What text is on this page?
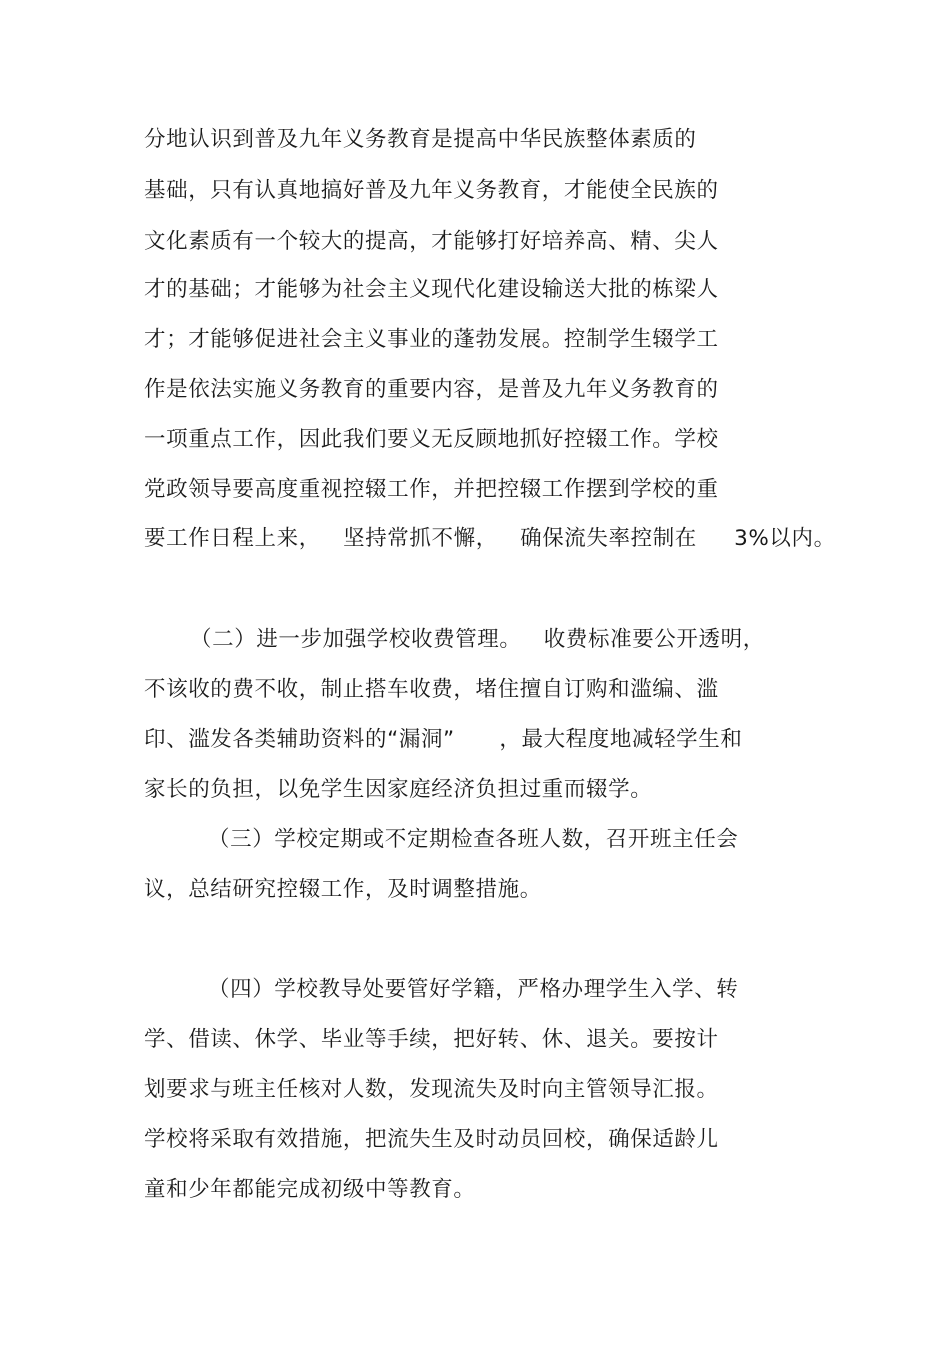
分地认识到普及九年义务教育是提高中华民族整体素质的
基础，只有认真地搞好普及九年义务教育，才能使全民族的
文化素质有一个较大的提高，才能够打好培养高、精、尖人
才的基础；才能够为社会主义现代化建设输送大批的栋梁人
才；才能够促进社会主义事业的蓬勃发展。控制学生辍学工
作是依法实施义务教育的重要内容，是普及九年义务教育的
一项重点工作，因此我们要义无反顾地抓好控辍工作。学校
党政领导要高度重视控辍工作，并把控辍工作摆到学校的重
要工作日程上来，   坚持常抓不懈，   确保流失率控制在     3%以内。
（二）进一步加强学校收费管理。   收费标准要公开透明，
不该收的费不收，制止搭车收费，堵住擅自订购和滥编、滥
印、滥发各类辅助资料的“漏洞”      ，最大程度地减轻学生和
家长的负担，以免学生因家庭经济负担过重而辍学。
（三）学校定期或不定期检查各班人数，召开班主任会
议，总结研究控辍工作，及时调整措施。
（四）学校教导处要管好学籍，严格办理学生入学、转
学、借读、休学、毕业等手续，把好转、休、退关。要按计
划要求与班主任核对人数，发现流失及时向主管领导汇报。
学校将采取有效措施，把流失生及时动员回校，确保适龄儿
童和少年都能完成初级中等教育。
